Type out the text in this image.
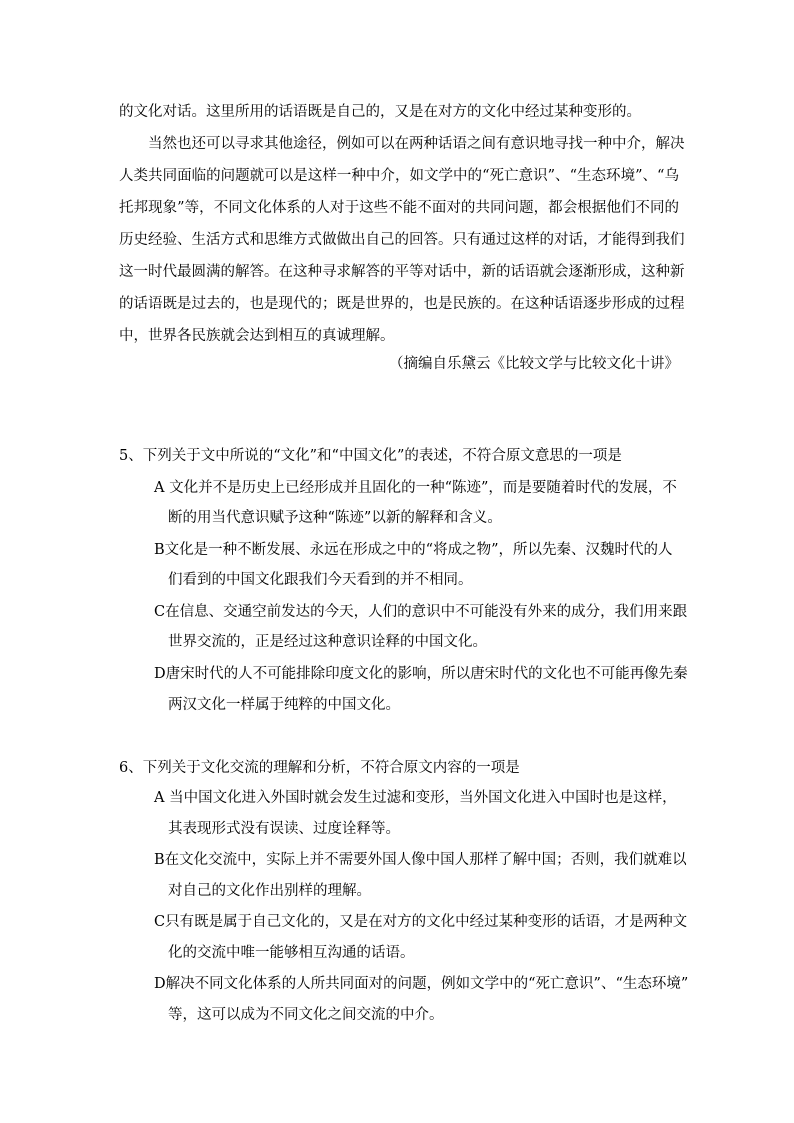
的文化对话。这里所用的话语既是自己的，又是在对方的文化中经过某种变形的。
当然也还可以寻求其他途径，例如可以在两种话语之间有意识地寻找一种中介，解决
人类共同面临的问题就可以是这样一种中介，如文学中的“死亡意识”、“生态环境”、“乌
托邦现象”等，不同文化体系的人对于这些不能不面对的共同问题，都会根据他们不同的
历史经验、生活方式和思维方式做做出自己的回答。只有通过这样的对话，才能得到我们
这一时代最圆满的解答。在这种寻求解答的平等对话中，新的话语就会逐渐形成，这种新
的话语既是过去的，也是现代的；既是世界的，也是民族的。在这种话语逐步形成的过程
中，世界各民族就会达到相互的真诚理解。
（摘编自乐黛云《比较文学与比较文化十讲》
5、下列关于文中所说的“文化”和“中国文化”的表述，不符合原文意思的一项是
A 文化并不是历史上已经形成并且固化的一种“陈迹”，而是要随着时代的发展，不
断的用当代意识赋予这种“陈迹”以新的解释和含义。
B文化是一种不断发展、永远在形成之中的“将成之物”，所以先秦、汉魏时代的人
们看到的中国文化跟我们今天看到的并不相同。
C在信息、交通空前发达的今天，人们的意识中不可能没有外来的成分，我们用来跟
世界交流的，正是经过这种意识诠释的中国文化。
D唐宋时代的人不可能排除印度文化的影响，所以唐宋时代的文化也不可能再像先秦
两汉文化一样属于纯粹的中国文化。
6、下列关于文化交流的理解和分析，不符合原文内容的一项是
A 当中国文化进入外国时就会发生过滤和变形，当外国文化进入中国时也是这样，
其表现形式没有误读、过度诠释等。
B在文化交流中，实际上并不需要外国人像中国人那样了解中国；否则，我们就难以
对自己的文化作出别样的理解。
C只有既是属于自己文化的，又是在对方的文化中经过某种变形的话语，才是两种文
化的交流中唯一能够相互沟通的话语。
D解决不同文化体系的人所共同面对的问题，例如文学中的“死亡意识”、“生态环境”
等，这可以成为不同文化之间交流的中介。
